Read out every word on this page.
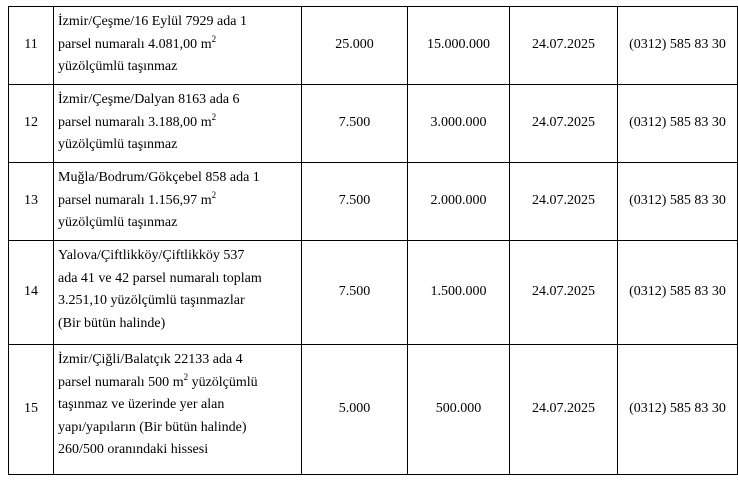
11	İzmir/Çeşme/16 Eylül 7929 ada 1
parsel numaralı 4.081,00 $m^2$
yüzölçümlü taşınmaz	25.000	15.000.000	24.07.2025	(0312) 585 83 30
12	İzmir/Çeşme/Dalyan 8163 ada 6
parsel numaralı 3.188,00 $m^2$
yüzölçümlü taşınmaz	7.500	3.000.000	24.07.2025	(0312) 585 83 30
13	Muğla/Bodrum/Gökçebel 858 ada 1
parsel numaralı 1.156,97 $m^2$
yüzölçümlü taşınmaz	7.500	2.000.000	24.07.2025	(0312) 585 83 30
14	Yalova/Çiftlikköy/Çiftlikköy 537
ada 41 ve 42 parsel numaralı toplam
3.251,10 yüzölçümlü taşınmazlar
(Bir bütün halinde)	7.500	1.500.000	24.07.2025	(0312) 585 83 30
15	İzmir/Çiğli/Balatçık 22133 ada 4
parsel numaralı 500 $m^2$ yüzölçümlü
taşınmaz ve üzerinde yer alan
yapı/yapıların (Bir bütün halinde)
260/500 oranındaki hissesi	5.000	500.000	24.07.2025	(0312) 585 83 30
